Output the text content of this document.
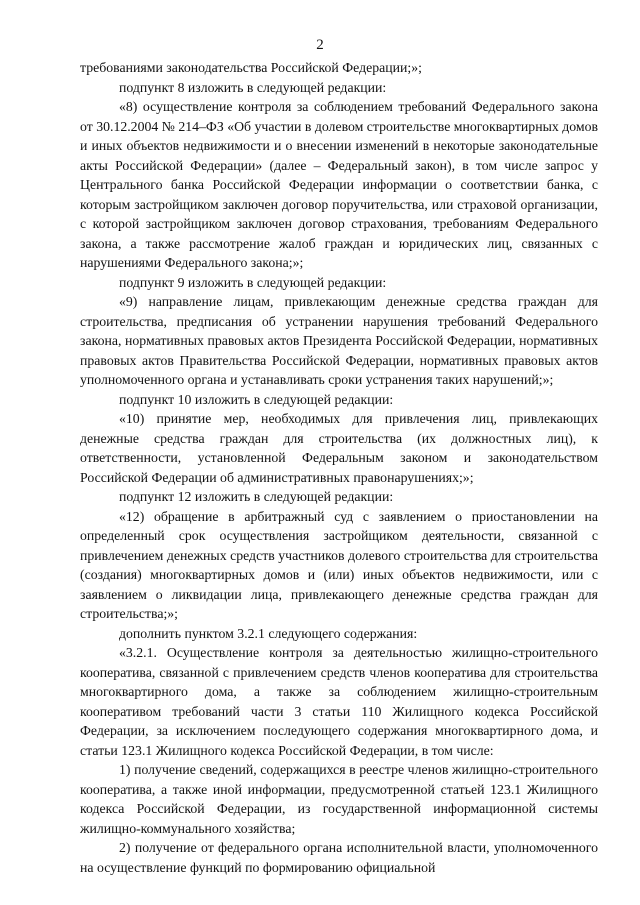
2

требованиями законодательства Российской Федерации;»;

подпункт 8 изложить в следующей редакции:

«8) осуществление контроля за соблюдением требований Федерального закона от 30.12.2004 № 214–ФЗ «Об участии в долевом строительстве многоквартирных домов и иных объектов недвижимости и о внесении изменений в некоторые законодательные акты Российской Федерации» (далее – Федеральный закон), в том числе запрос у Центрального банка Российской Федерации информации о соответствии банка, с которым застройщиком заключен договор поручительства, или страховой организации, с которой застройщиком заключен договор страхования, требованиям Федерального закона, а также рассмотрение жалоб граждан и юридических лиц, связанных с нарушениями Федерального закона;»;

подпункт 9 изложить в следующей редакции:

«9) направление лицам, привлекающим денежные средства граждан для строительства, предписания об устранении нарушения требований Федерального закона, нормативных правовых актов Президента Российской Федерации, нормативных правовых актов Правительства Российской Федерации, нормативных правовых актов уполномоченного органа и устанавливать сроки устранения таких нарушений;»;

подпункт 10 изложить в следующей редакции:

«10) принятие мер, необходимых для привлечения лиц, привлекающих денежные средства граждан для строительства (их должностных лиц), к ответственности, установленной Федеральным законом и законодательством Российской Федерации об административных правонарушениях;»;

подпункт 12 изложить в следующей редакции:

«12) обращение в арбитражный суд с заявлением о приостановлении на определенный срок осуществления застройщиком деятельности, связанной с привлечением денежных средств участников долевого строительства для строительства (создания) многоквартирных домов и (или) иных объектов недвижимости, или с заявлением о ликвидации лица, привлекающего денежные средства граждан для строительства;»;

дополнить пунктом 3.2.1 следующего содержания:

«3.2.1. Осуществление контроля за деятельностью жилищно-строительного кооператива, связанной с привлечением средств членов кооператива для строительства многоквартирного дома, а также за соблюдением жилищно-строительным кооперативом требований части 3 статьи 110 Жилищного кодекса Российской Федерации, за исключением последующего содержания многоквартирного дома, и статьи 123.1 Жилищного кодекса Российской Федерации, в том числе:

1) получение сведений, содержащихся в реестре членов жилищно-строительного кооператива, а также иной информации, предусмотренной статьей 123.1 Жилищного кодекса Российской Федерации, из государственной информационной системы жилищно-коммунального хозяйства;

2) получение от федерального органа исполнительной власти, уполномоченного на осуществление функций по формированию официальной
